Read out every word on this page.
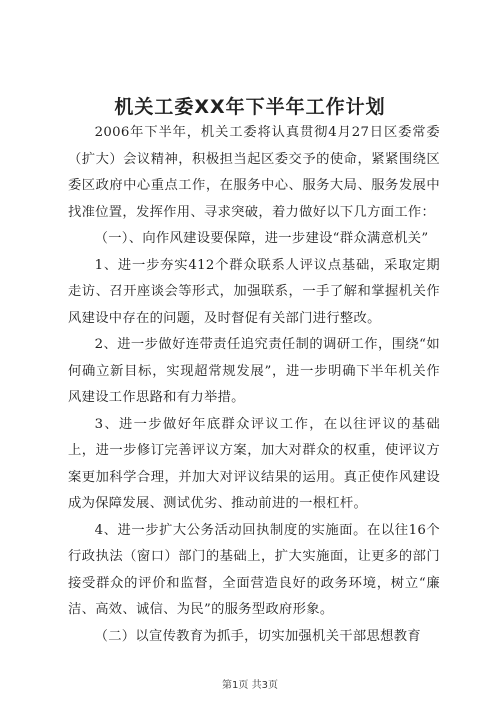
机关工委XX年下半年工作计划

2006年下半年，机关工委将认真贯彻4月27日区委常委（扩大）会议精神，积极担当起区委交予的使命，紧紧围绕区委区政府中心重点工作，在服务中心、服务大局、服务发展中找准位置，发挥作用、寻求突破，着力做好以下几方面工作：

（一）、向作风建设要保障，进一步建设“群众满意机关”

1、进一步夯实412个群众联系人评议点基础，采取定期走访、召开座谈会等形式，加强联系，一手了解和掌握机关作风建设中存在的问题，及时督促有关部门进行整改。

2、进一步做好连带责任追究责任制的调研工作，围绕“如何确立新目标，实现超常规发展”，进一步明确下半年机关作风建设工作思路和有力举措。

3、进一步做好年底群众评议工作，在以往评议的基础上，进一步修订完善评议方案，加大对群众的权重，使评议方案更加科学合理，并加大对评议结果的运用。真正使作风建设成为保障发展、测试优劣、推动前进的一根杠杆。

4、进一步扩大公务活动回执制度的实施面。在以往16个行政执法（窗口）部门的基础上，扩大实施面，让更多的部门接受群众的评价和监督，全面营造良好的政务环境，树立“廉洁、高效、诚信、为民”的服务型政府形象。

（二）以宣传教育为抓手，切实加强机关干部思想教育

第1页 共3页
